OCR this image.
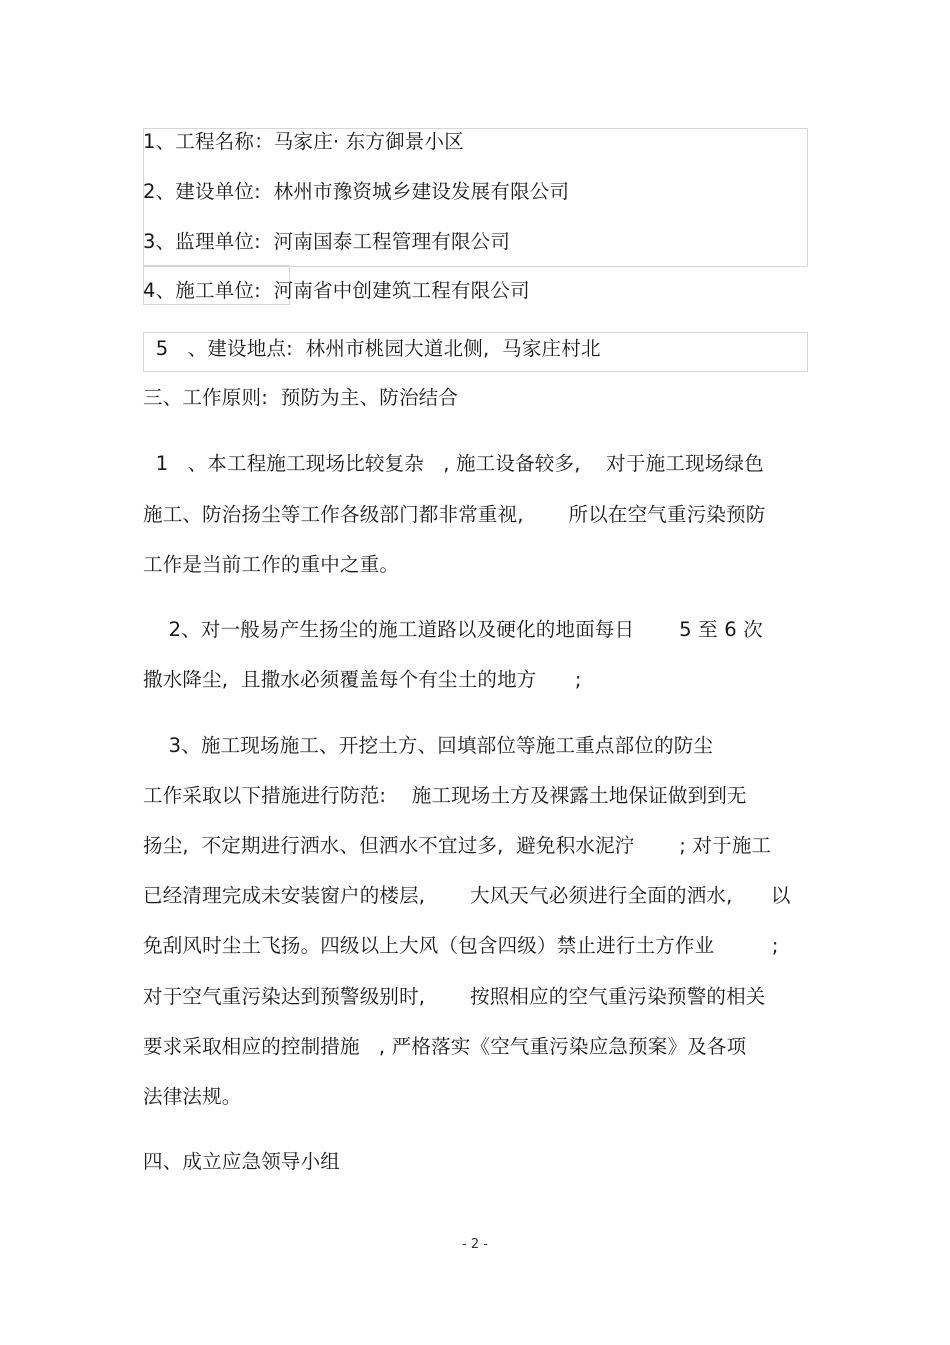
1、工程名称：马家庄· 东方御景小区
2、建设单位:  林州市豫资城乡建设发展有限公司
3、监理单位:  河南国泰工程管理有限公司
4、施工单位:  河南省中创建筑工程有限公司
5   、建设地点:  林州市桃园大道北侧,  马家庄村北
三、工作原则:  预防为主、防治结合
1   、本工程施工现场比较复杂   , 施工设备较多,    对于施工现场绿色
施工、防治扬尘等工作各级部门都非常重视,       所以在空气重污染预防
工作是当前工作的重中之重。
2、对一般易产生扬尘的施工道路以及硬化的地面每日       5 至 6 次
撒水降尘,  且撒水必须覆盖每个有尘土的地方      ;
3、施工现场施工、开挖土方、回填部位等施工重点部位的防尘
工作采取以下措施进行防范:    施工现场土方及裸露土地保证做到到无
扬尘,  不定期进行洒水、但洒水不宜过多,  避免积水泥泞       ; 对于施工
已经清理完成未安装窗户的楼层,       大风天气必须进行全面的洒水,      以
免刮风时尘土飞扬。四级以上大风（包含四级）禁止进行土方作业         ;
对于空气重污染达到预警级别时,       按照相应的空气重污染预警的相关
要求采取相应的控制措施   , 严格落实《空气重污染应急预案》及各项
法律法规。
四、成立应急领导小组
- 2 -
